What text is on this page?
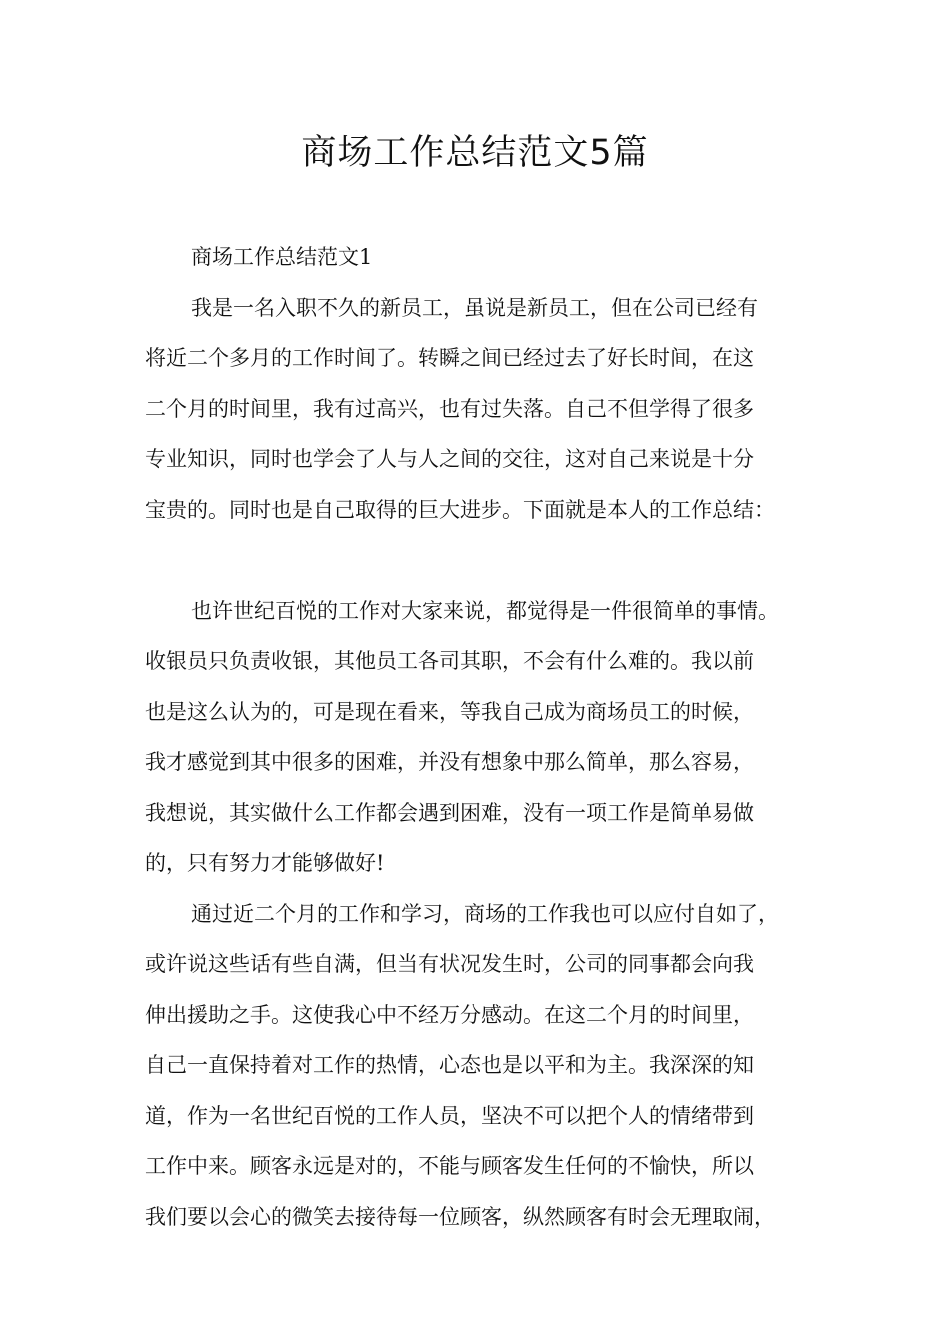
商场工作总结范文5篇
商场工作总结范文1
我是一名入职不久的新员工，虽说是新员工，但在公司已经有
将近二个多月的工作时间了。转瞬之间已经过去了好长时间，在这
二个月的时间里，我有过高兴，也有过失落。自己不但学得了很多
专业知识，同时也学会了人与人之间的交往，这对自己来说是十分
宝贵的。同时也是自己取得的巨大进步。下面就是本人的工作总结：
也许世纪百悦的工作对大家来说，都觉得是一件很简单的事情。
收银员只负责收银，其他员工各司其职，不会有什么难的。我以前
也是这么认为的，可是现在看来，等我自己成为商场员工的时候，
我才感觉到其中很多的困难，并没有想象中那么简单，那么容易，
我想说，其实做什么工作都会遇到困难，没有一项工作是简单易做
的，只有努力才能够做好!
通过近二个月的工作和学习，商场的工作我也可以应付自如了，
或许说这些话有些自满，但当有状况发生时，公司的同事都会向我
伸出援助之手。这使我心中不经万分感动。在这二个月的时间里，
自己一直保持着对工作的热情，心态也是以平和为主。我深深的知
道，作为一名世纪百悦的工作人员，坚决不可以把个人的情绪带到
工作中来。顾客永远是对的，不能与顾客发生任何的不愉快，所以
我们要以会心的微笑去接待每一位顾客，纵然顾客有时会无理取闹，
